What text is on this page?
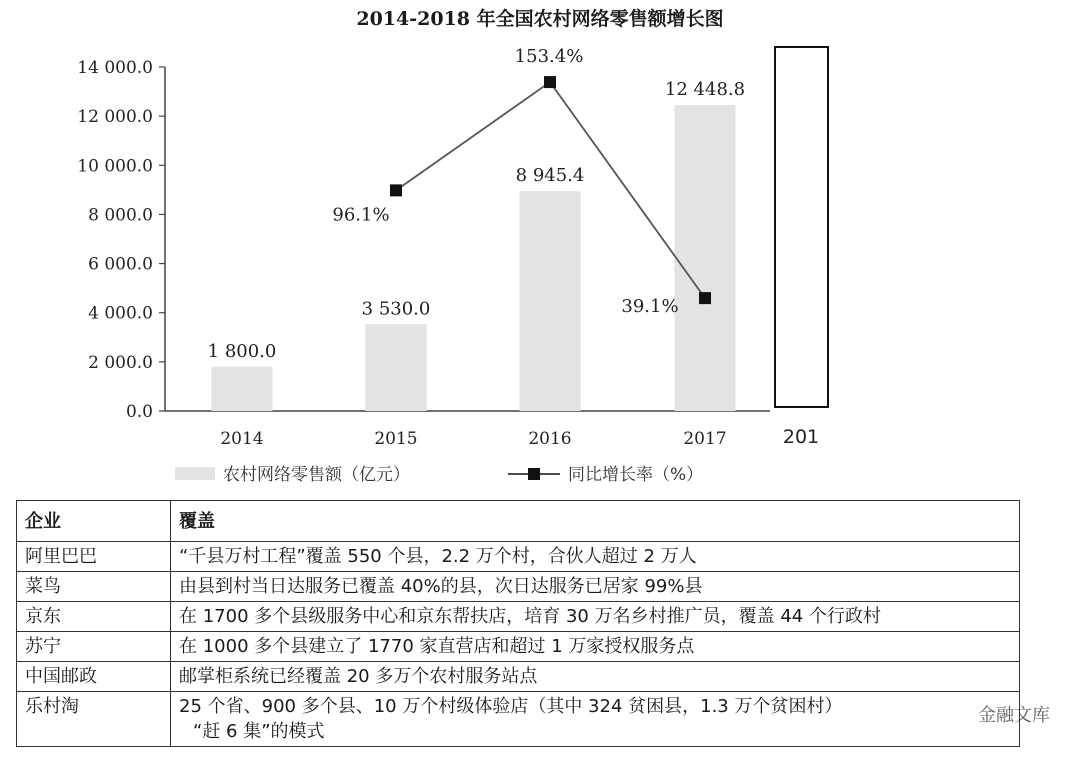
2014-2018 年全国农村网络零售额增长图
0.0
2 000.0
4 000.0
6 000.0
8 000.0
10 000.0
12 000.0
14 000.0
1 800.0
2014
3 530.0
2015
8 945.4
2016
12 448.8
2017	201
96.1%
153.4%
39.1%
农村网络零售额（亿元）	同比增长率（%）
企业	覆盖
阿里巴巴	“千县万村工程”覆盖 550 个县，2.2 万个村，合伙人超过 2 万人
菜鸟	由县到村当日达服务已覆盖 40%的县，次日达服务已居家 99%县
京东	在 1700 多个县级服务中心和京东帮扶店，培育 30 万名乡村推广员，覆盖 44 个行政村
苏宁	在 1000 多个县建立了 1770 家直营店和超过 1 万家授权服务点
中国邮政	邮掌柜系统已经覆盖 20 多万个农村服务站点
乐村淘	25 个省、900 多个县、10 万个村级体验店（其中 324 贫困县，1.3 万个贫困村）
“赶 6 集”的模式
金融文库
